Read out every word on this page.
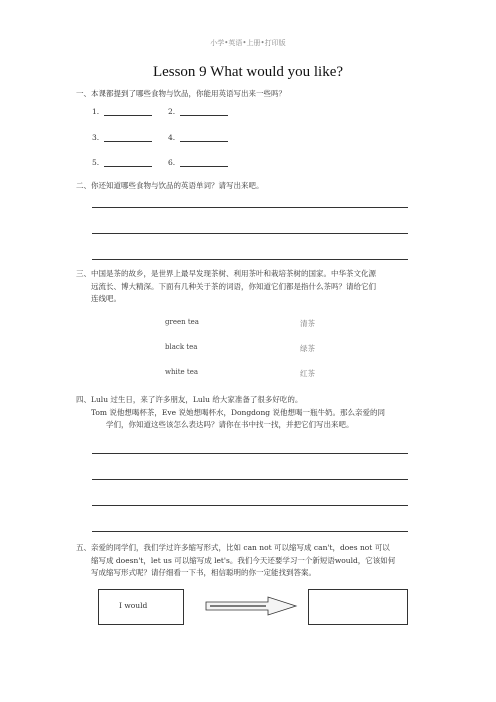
小学•英语•上册•打印版
Lesson 9 What would you like?
一、本课都提到了哪些食物与饮品，你能用英语写出来一些吗？
1.	2.
3.	4.
5.	6.
二、你还知道哪些食物与饮品的英语单词？请写出来吧。
三、中国是茶的故乡，是世界上最早发现茶树、利用茶叶和栽培茶树的国家。中华茶文化源
远流长、博大精深。下面有几种关于茶的词语，你知道它们都是指什么茶吗？请给它们
连线吧。
green tea
black tea
white tea
清茶
绿茶
红茶
四、Lulu 过生日，来了许多朋友，Lulu 给大家准备了很多好吃的。
Tom 说他想喝杯茶，Eve 说她想喝杯水，Dongdong 说他想喝一瓶牛奶。那么亲爱的同
学们，你知道这些该怎么表达吗？请你在书中找一找，并把它们写出来吧。
五、亲爱的同学们，我们学过许多缩写形式，比如 can not 可以缩写成 can't，does not 可以
缩写成 doesn't，let us 可以缩写成 let's。我们今天还要学习一个新短语would，它该如何
写成缩写形式呢？请仔细看一下书，相信聪明的你一定能找到答案。
I would
